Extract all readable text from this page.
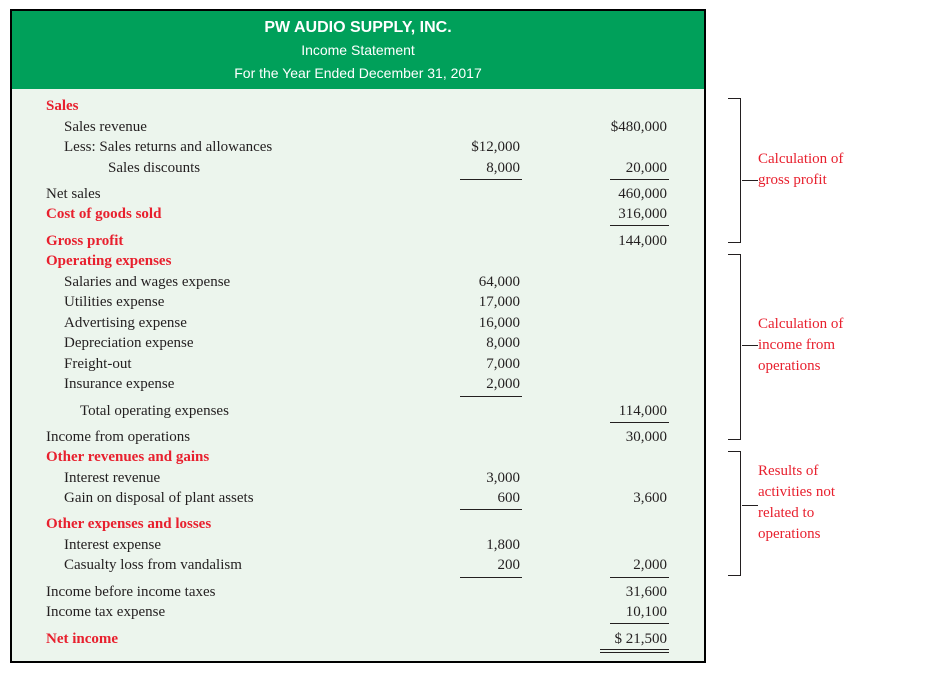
PW AUDIO SUPPLY, INC.
Income Statement
For the Year Ended December 31, 2017
Sales
Sales revenue	$480,000
Less: Sales returns and allowances	$12,000
Sales discounts	8,000	20,000
Net sales	460,000
Cost of goods sold	316,000
Gross profit	144,000
Operating expenses
Salaries and wages expense	64,000
Utilities expense	17,000
Advertising expense	16,000
Depreciation expense	8,000
Freight-out	7,000
Insurance expense	2,000
Total operating expenses	114,000
Income from operations	30,000
Other revenues and gains
Interest revenue	3,000
Gain on disposal of plant assets	600	3,600
Other expenses and losses
Interest expense	1,800
Casualty loss from vandalism	200	2,000
Income before income taxes	31,600
Income tax expense	10,100
Net income	$ 21,500
Calculation of
gross profit
Calculation of
income from
operations
Results of
activities not
related to
operations
